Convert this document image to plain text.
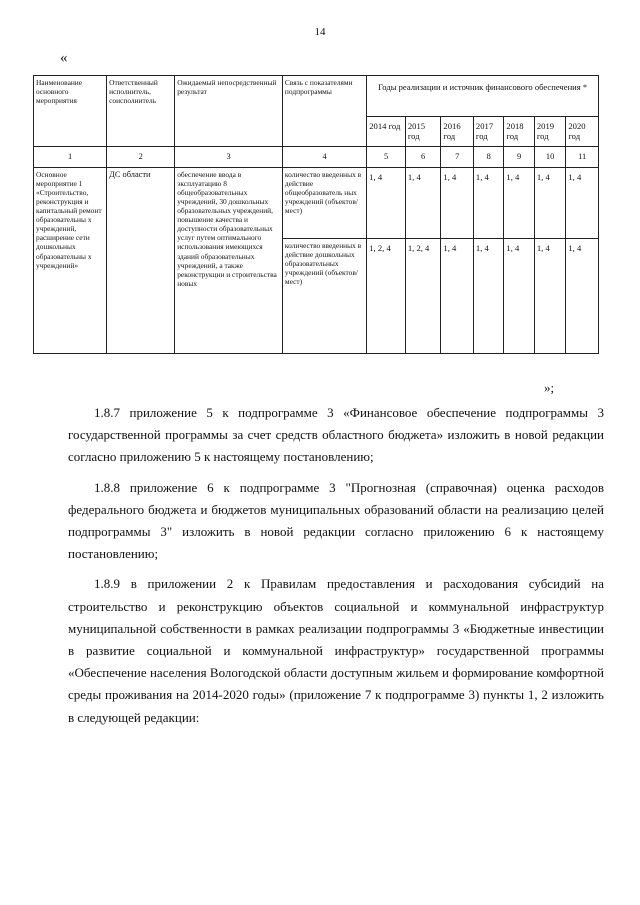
14
«
Наименование основного мероприятия	Ответственный исполнитель, соисполнитель	Ожидаемый непосредственный результат	Связь с показателями подпрограммы	Годы реализации и источник финансового обеспечения *						
				2014 год	2015 год	2016 год	2017 год	2018 год	2019 год	2020 год
1	2	3	4	5	6	7	8	9	10	11
Основное мероприятие 1 «Строительство, реконструкция и капитальный ремонт образовательны х учреждений, расширение сети дошкольных образовательны х учреждений»	ДС области	обеспечение ввода в эксплуатацию 8 общеобразовательных учреждений, 30 дошкольных образовательных учреждений, повышение качества и доступности образовательных услуг путем оптимального использования имеющихся зданий образовательных учреждений, а также реконструкции и строительства новых	количество введенных в действие общеобразователь ных учреждений (объектов/мест)	1, 4	1, 4	1, 4	1, 4	1, 4	1, 4	1, 4
			количество введенных в действие дошкольных образовательных учреждений (объектов/мест)	1, 2, 4	1, 2, 4	1, 4	1, 4	1, 4	1, 4	1, 4
»;

1.8.7 приложение 5 к подпрограмме 3 «Финансовое обеспечение подпрограммы 3 государственной программы за счет средств областного бюджета» изложить в новой редакции согласно приложению 5 к настоящему постановлению;

1.8.8 приложение 6 к подпрограмме 3 "Прогнозная (справочная) оценка расходов федерального бюджета и бюджетов муниципальных образований области на реализацию целей подпрограммы 3" изложить в новой редакции согласно приложению 6 к настоящему постановлению;

1.8.9 в приложении 2 к Правилам предоставления и расходования субсидий на строительство и реконструкцию объектов социальной и коммунальной инфраструктур муниципальной собственности в рамках реализации подпрограммы 3 «Бюджетные инвестиции в развитие социальной и коммунальной инфраструктур» государственной программы «Обеспечение населения Вологодской области доступным жильем и формирование комфортной среды проживания на 2014-2020 годы» (приложение 7 к подпрограмме 3) пункты 1, 2 изложить в следующей редакции:
